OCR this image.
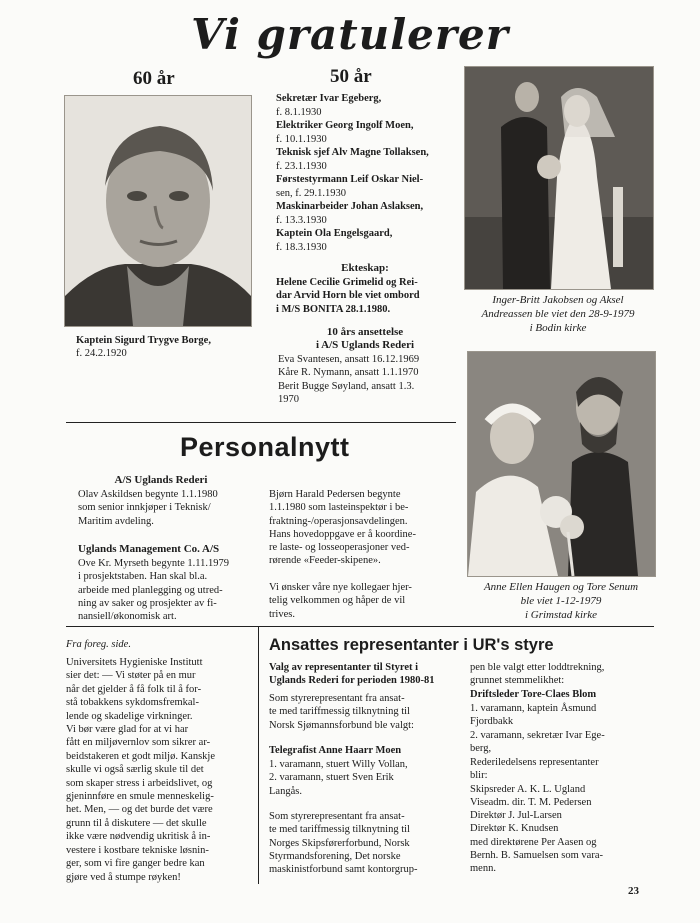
Vi gratulerer
60 år
Kaptein Sigurd Trygve Borge,
f. 24.2.1920
50 år
Sekretær Ivar Egeberg,
f. 8.1.1930
Elektriker Georg Ingolf Moen,
f. 10.1.1930
Teknisk sjef Alv Magne Tollaksen,
f. 23.1.1930
Førstestyrmann Leif Oskar Niel-
sen, f. 29.1.1930
Maskinarbeider Johan Aslaksen,
f. 13.3.1930
Kaptein Ola Engelsgaard,
f. 18.3.1930
Ekteskap:
Helene Cecilie Grimelid og Rei-
dar Arvid Horn ble viet ombord
i M/S BONITA 28.1.1980.
10 års ansettelse
i A/S Uglands Rederi
Eva Svantesen, ansatt 16.12.1969
Kåre R. Nymann, ansatt 1.1.1970
Berit Bugge Søyland, ansatt 1.3.
1970
Inger-Britt Jakobsen og Aksel
Andreassen ble viet den 28-9-1979
i Bodin kirke
Anne Ellen Haugen og Tore Senum
ble viet 1-12-1979
i Grimstad kirke
Personalnytt
A/S Uglands Rederi
Olav Askildsen begynte 1.1.1980
som senior innkjøper i Teknisk/
Maritim avdeling.
Uglands Management Co. A/S
Ove Kr. Myrseth begynte 1.11.1979
i prosjektstaben. Han skal bl.a.
arbeide med planlegging og utred-
ning av saker og prosjekter av fi-
nansiell/økonomisk art.
Bjørn Harald Pedersen begynte
1.1.1980 som lasteinspektør i be-
fraktning-/operasjonsavdelingen.
Hans hovedoppgave er å koordine-
re laste- og losseoperasjoner ved-
rørende «Feeder-skipene».
Vi ønsker våre nye kollegaer hjer-
telig velkommen og håper de vil
trives.
Fra foreg. side.
Universitets Hygieniske Institutt
sier det: — Vi støter på en mur
når det gjelder å få folk til å for-
stå tobakkens sykdomsfremkal-
lende og skadelige virkninger.
Vi bør være glad for at vi har
fått en miljøvernlov som sikrer ar-
beidstakeren et godt miljø. Kanskje
skulle vi også særlig skule til det
som skaper stress i arbeidslivet, og
gjeninnføre en smule menneskelig-
het. Men, — og det burde det være
grunn til å diskutere — det skulle
ikke være nødvendig ukritisk å in-
vestere i kostbare tekniske løsnin-
ger, som vi fire ganger bedre kan
gjøre ved å stumpe røyken!
Ansattes representanter i UR's styre
Valg av representanter til Styret i
Uglands Rederi for perioden 1980-81
Som styrerepresentant fra ansat-
te med tariffmessig tilknytning til
Norsk Sjømannsforbund ble valgt:
Telegrafist Anne Haarr Moen
1. varamann, stuert Willy Vollan,
2. varamann, stuert Sven Erik
Langås.
Som styrerepresentant fra ansat-
te med tariffmessig tilknytning til
Norges Skipsførerforbund, Norsk
Styrmandsforening, Det norske
maskinistforbund samt kontorgrup-
pen ble valgt etter loddtrekning,
grunnet stemmelikhet:
Driftsleder Tore-Claes Blom
1. varamann, kaptein Åsmund
Fjordbakk
2. varamann, sekretær Ivar Ege-
berg,
Rederiledelsens representanter
blir:
Skipsreder A. K. L. Ugland
Viseadm. dir. T. M. Pedersen
Direktør J. Jul-Larsen
Direktør K. Knudsen
med direktørene Per Aasen og
Bernh. B. Samuelsen som vara-
menn.
23
